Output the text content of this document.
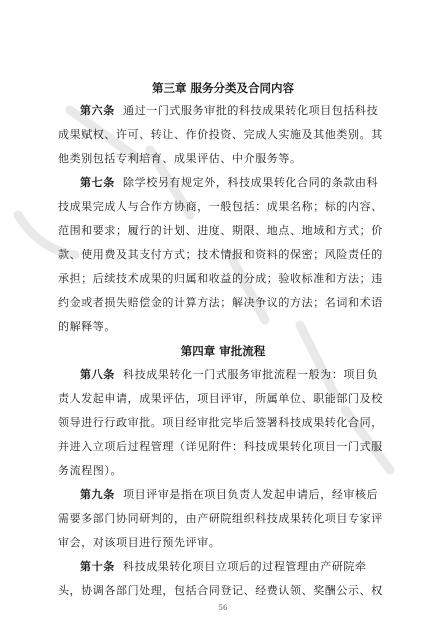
第三章 服务分类及合同内容
第六条 通过一门式服务审批的科技成果转化项目包括科技
成果赋权、许可、转让、作价投资、完成人实施及其他类别。其
他类别包括专利培育、成果评估、中介服务等。
第七条 除学校另有规定外，科技成果转化合同的条款由科
技成果完成人与合作方协商，一般包括：成果名称；标的内容、
范围和要求；履行的计划、进度、期限、地点、地域和方式；价
款、使用费及其支付方式；技术情报和资料的保密；风险责任的
承担；后续技术成果的归属和收益的分成；验收标准和方法；违
约金或者损失赔偿金的计算方法；解决争议的方法；名词和术语
的解释等。
第四章 审批流程
第八条 科技成果转化一门式服务审批流程一般为：项目负
责人发起申请，成果评估，项目评审，所属单位、职能部门及校
领导进行行政审批。项目经审批完毕后签署科技成果转化合同，
并进入立项后过程管理（详见附件：科技成果转化项目一门式服
务流程图）。
第九条 项目评审是指在项目负责人发起申请后，经审核后
需要多部门协同研判的，由产研院组织科技成果转化项目专家评
审会，对该项目进行预先评审。
第十条 科技成果转化项目立项后的过程管理由产研院牵
头，协调各部门处理，包括合同登记、经费认领、奖酬公示、权
56
